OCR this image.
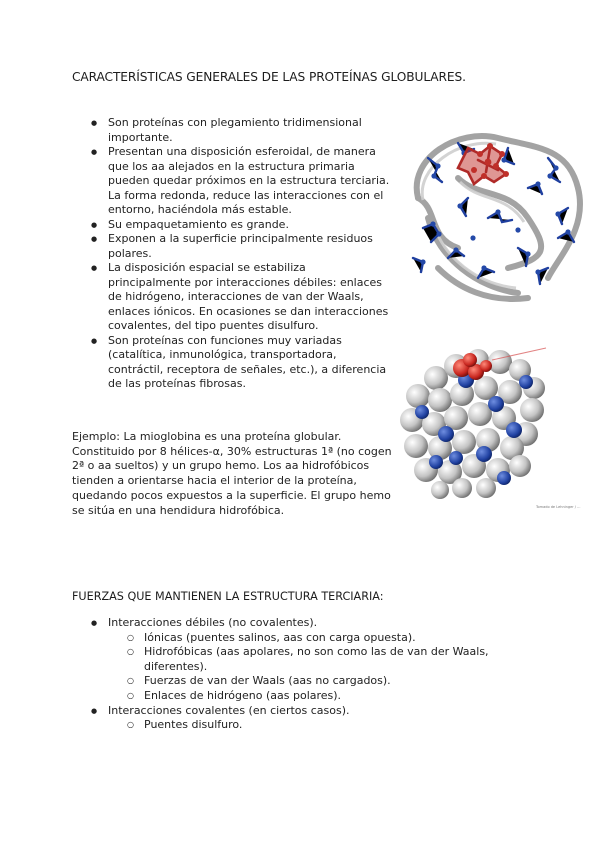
CARACTERÍSTICAS GENERALES DE LAS PROTEÍNAS GLOBULARES.
● Son proteínas con plegamiento tridimensional importante.
● Presentan una disposición esferoidal, de manera que los aa alejados en la estructura primaria pueden quedar próximos en la estructura terciaria. La forma redonda, reduce las interacciones con el entorno, haciéndola más estable.
● Su empaquetamiento es grande.
● Exponen a la superficie principalmente residuos polares.
● La disposición espacial se estabiliza principalmente por interacciones débiles: enlaces de hidrógeno, interacciones de van der Waals, enlaces iónicos. En ocasiones se dan interacciones covalentes, del tipo puentes disulfuro.
● Son proteínas con funciones muy variadas (catalítica, inmunológica, transportadora, contráctil, receptora de señales, etc.), a diferencia de las proteínas fibrosas.

Ejemplo: La mioglobina es una proteína globular. Constituido por 8 hélices-α, 30% estructuras 1ª (no cogen 2ª o aa sueltos) y un grupo hemo. Los aa hidrofóbicos tienden a orientarse hacia el interior de la proteína, quedando pocos expuestos a la superficie. El grupo hemo se sitúa en una hendidura hidrofóbica.	Tomado de Lehninger / ...
FUERZAS QUE MANTIENEN LA ESTRUCTURA TERCIARIA:
● Interacciones débiles (no covalentes).
○ Iónicas (puentes salinos, aas con carga opuesta).
○ Hidrofóbicas (aas apolares, no son como las de van der Waals, diferentes).
○ Fuerzas de van der Waals (aas no cargados).
○ Enlaces de hidrógeno (aas polares).
● Interacciones covalentes (en ciertos casos).
○ Puentes disulfuro.
